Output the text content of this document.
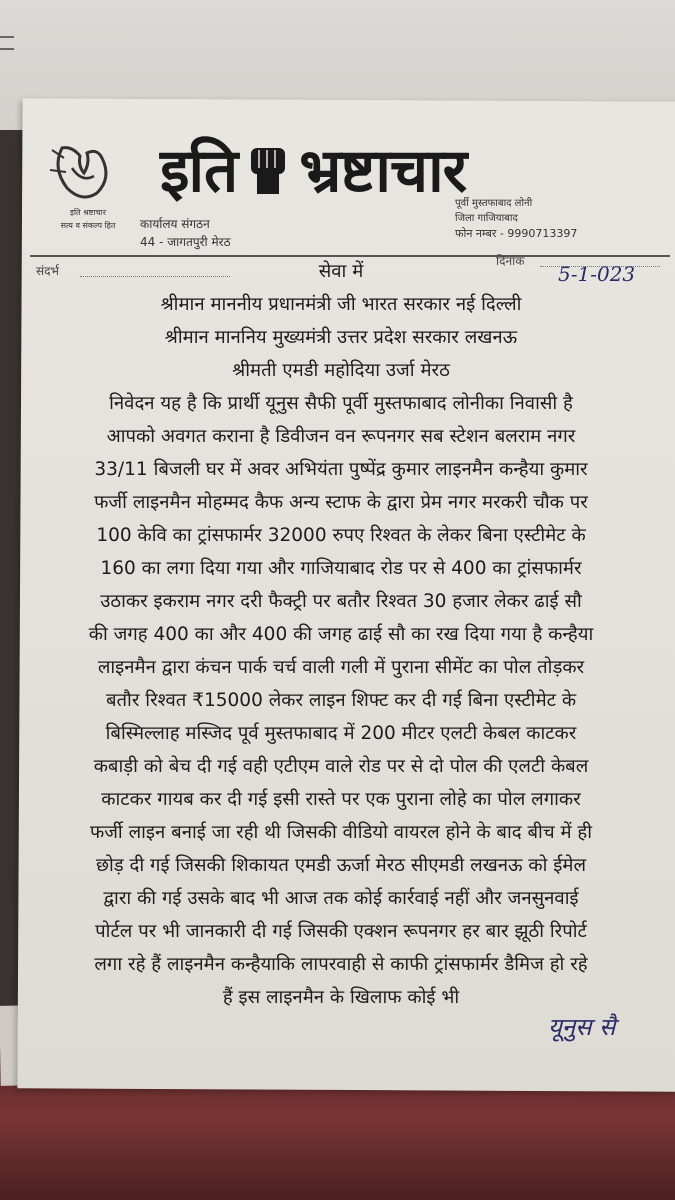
इति श्रष्टाचार
सत्य व संकल्प हित
इति भ्रष्टाचार
कार्यालय संगठन
44 - जागतपुरी मेरठ
पूर्वी मुस्तफाबाद लोनी
जिला गाजियाबाद
फोन नम्बर - 9990713397
संदर्भ
दिनांक
5-1-023
सेवा में
श्रीमान माननीय प्रधानमंत्री जी भारत सरकार नई दिल्ली
श्रीमान माननिय मुख्यमंत्री उत्तर प्रदेश सरकार लखनऊ
श्रीमती एमडी महोदिया उर्जा मेरठ
निवेदन यह है कि प्रार्थी यूनुस सैफी पूर्वी मुस्तफाबाद लोनीका निवासी है
आपको अवगत कराना है डिवीजन वन रूपनगर सब स्टेशन बलराम नगर
33/11 बिजली घर में अवर अभियंता पुष्पेंद्र कुमार लाइनमैन कन्हैया कुमार
फर्जी लाइनमैन मोहम्मद कैफ अन्य स्टाफ के द्वारा प्रेम नगर मरकरी चौक पर
100 केवि का ट्रांसफार्मर 32000 रुपए रिश्वत के लेकर बिना एस्टीमेट के
160 का लगा दिया गया और गाजियाबाद रोड पर से 400 का ट्रांसफार्मर
उठाकर इकराम नगर दरी फैक्ट्री पर बतौर रिश्वत 30 हजार लेकर ढाई सौ
की जगह 400 का और 400 की जगह ढाई सौ का रख दिया गया है कन्हैया
लाइनमैन द्वारा कंचन पार्क चर्च वाली गली में पुराना सीमेंट का पोल तोड़कर
बतौर रिश्वत ₹15000 लेकर लाइन शिफ्ट कर दी गई बिना एस्टीमेट के
बिस्मिल्लाह मस्जिद पूर्व मुस्तफाबाद में 200 मीटर एलटी केबल काटकर
कबाड़ी को बेच दी गई वही एटीएम वाले रोड पर से दो पोल की एलटी केबल
काटकर गायब कर दी गई इसी रास्ते पर एक पुराना लोहे का पोल लगाकर
फर्जी लाइन बनाई जा रही थी जिसकी वीडियो वायरल होने के बाद बीच में ही
छोड़ दी गई जिसकी शिकायत एमडी ऊर्जा मेरठ सीएमडी लखनऊ को ईमेल
द्वारा की गई उसके बाद भी आज तक कोई कार्रवाई नहीं और जनसुनवाई
पोर्टल पर भी जानकारी दी गई जिसकी एक्शन रूपनगर हर बार झूठी रिपोर्ट
लगा रहे हैं लाइनमैन कन्हैयाकि लापरवाही से काफी ट्रांसफार्मर डैमिज हो रहे
हैं इस लाइनमैन के खिलाफ कोई भी
यूनुस सै
